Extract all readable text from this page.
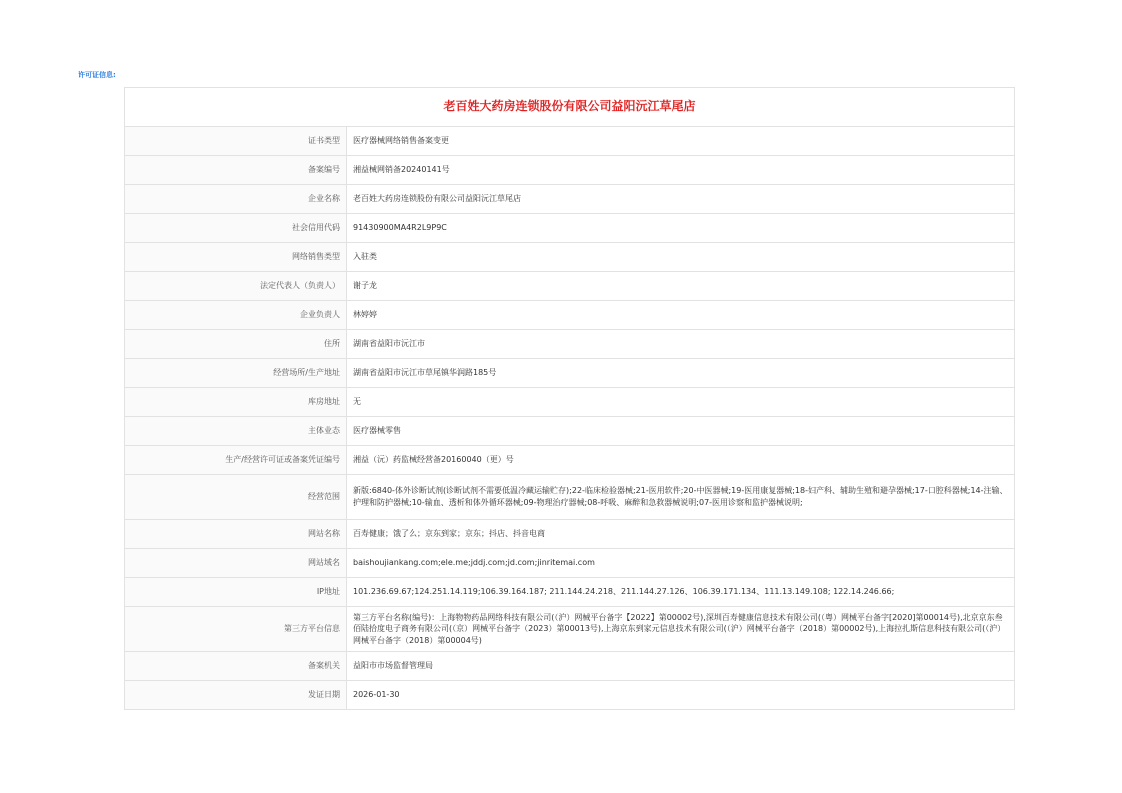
许可证信息:
老百姓大药房连锁股份有限公司益阳沅江草尾店	
证书类型	医疗器械网络销售备案变更
备案编号	湘益械网销备20240141号
企业名称	老百姓大药房连锁股份有限公司益阳沅江草尾店
社会信用代码	91430900MA4R2L9P9C
网络销售类型	入驻类
法定代表人（负责人）	谢子龙
企业负责人	林婷婷
住所	湖南省益阳市沅江市
经营场所/生产地址	湖南省益阳市沅江市草尾镇华润路185号
库房地址	无
主体业态	医疗器械零售
生产/经营许可证或备案凭证编号	湘益（沅）药监械经营备20160040（更）号
经营范围	新版:6840-体外诊断试剂(诊断试剂不需要低温冷藏运输贮存);22-临床检验器械;21-医用软件;20-中医器械;19-医用康复器械;18-妇产科、辅助生殖和避孕器械;17-口腔科器械;14-注输、护理和防护器械;10-输血、透析和体外循环器械;09-物理治疗器械;08-呼吸、麻醉和急救器械说明;07-医用诊察和监护器械说明;
网站名称	百寿健康；饿了么；京东到家；京东；抖店、抖音电商
网站域名	baishoujiankang.com;ele.me;jddj.com;jd.com;jinritemai.com
IP地址	101.236.69.67;124.251.14.119;106.39.164.187; 211.144.24.218、211.144.27.126、106.39.171.134、111.13.149.108; 122.14.246.66;
第三方平台信息	第三方平台名称(编号)：上海物物药品网络科技有限公司(（沪）网械平台备字【2022】第00002号),深圳百寿健康信息技术有限公司(（粤）网械平台备字[2020]第00014号),北京京东叁佰陆拾度电子商务有限公司(（京）网械平台备字（2023）第00013号),上海京东到家元信息技术有限公司(（沪）网械平台备字（2018）第00002号),上海拉扎斯信息科技有限公司(（沪）网械平台备字（2018）第00004号)
备案机关	益阳市市场监督管理局
发证日期	2026-01-30
